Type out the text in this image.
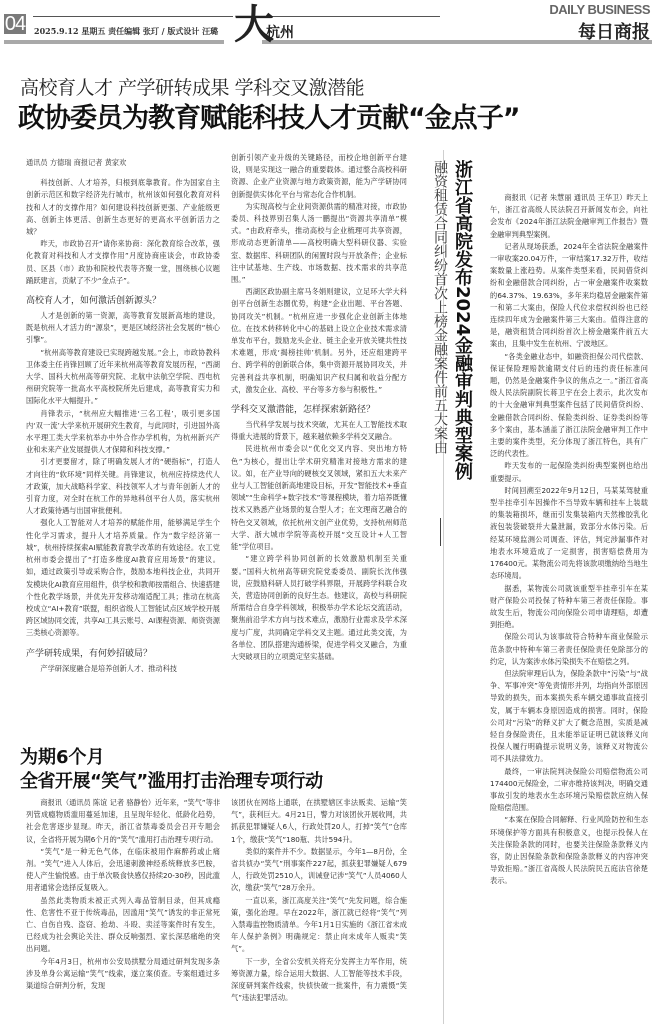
04 2025.9.12 星期五 责任编辑 张玎 / 版式设计 汪璐 大
杭州
DAILY BUSINESS
每日商报
高校育人才 产学研转成果 学科交叉激潜能
政协委员为教育赋能科技人才贡献“金点子”
通讯员 方德瑞 商报记者 黄家欢

科技创新、人才培养，归根到底靠教育。作为国家自主创新示范区和数字经济先行城市，杭州该如何强化教育对科技和人才的支撑作用？如何建设科技创新更强、产业能级更高、创新主体更活、创新生态更好的更高水平创新活力之城？

昨天，市政协召开“请你来协商：深化教育综合改革，强化教育对科技和人才支撑作用”月度协商座谈会，市政协委员、区县（市）政协和院校代表等齐聚一堂，围绕核心议题踊跃建言，贡献了不少“金点子”。

高校育人才，如何激活创新源头？

人才是创新的第一资源，高等教育发展新高地的建设，既是杭州人才活力的“源泉”，更是区域经济社会发展的“核心引擎”。

“杭州高等教育建设已实现跨越发展。”会上，市政协教科卫体委主任肖锋回顾了近年来杭州高等教育发展历程，“西湖大学、国科大杭州高等研究院、北航中法航空学院、西电杭州研究院等一批高水平高校院所先后建成，高等教育实力和国际化水平大幅提升。”

肖锋表示，“杭州应大幅推进‘三名工程’，吸引更多国内‘双一流’大学来杭开展研究生教育，与此同时，引进国外高水平理工类大学来杭举办中外合作办学机构，为杭州新兴产业和未来产业发展提供人才保障和科技支撑。”

引才更要留才，除了明确发展人才的“硬指标”，打造人才向往的“软环境”同样关键。肖锋建议，杭州应持续迭代人才政策，加大战略科学家、科技领军人才与青年创新人才的引育力度，对全时在杭工作的异地科创平台人员，落实杭州人才政策待遇与出国审批便利。

强化人工智能对人才培养的赋能作用，能够满足学生个性化学习需求，提升人才培养质量。作为“数字经济第一城”，杭州持续探索AI赋能教育教学改革的有效途径。农工党杭州市委会提出了“打造多维度AI教育应用场景”的建议。如，通过政策引导或采购合作，鼓励本地科技企业，共同开发模块化AI教育应用组件，供学校和教师按需组合、快速搭建个性化教学场景，并优先开发移动端适配工具；推动在杭高校成立“AI+教育”联盟，组织省级人工智能试点区域学校开展跨区域协同交流，共享AI工具云账号、AI课程资源、师资资源三类核心资源等。

产学研转成果，有何妙招破局？

产学研深度融合是培养创新人才、推动科技

创新引领产业升级的关键路径，而校企地创新平台建设，则是实现这一融合的重要载体。通过整合高校科研资源、企业产业资源与地方政策资源，能为产学研协同创新提供实体化平台与常态化合作机制。

为实现高校与企业间资源供需的精准对接，市政协委员、科技界别召集人汤一鹏提出“资源共享清单”模式。“由政府牵头，推动高校与企业梳理可共享资源，形成动态更新清单——高校明确大型科研仪器、实验室、数据库、科研团队的闲置时段与开放条件；企业标注中试基地、生产线、市场数据、技术需求的共享范围。”

西湖区政协副主席马冬娟则建议，立足环大学大科创平台创新生态圈优势，构建“企业出题、平台答题、协同攻关”机制。“杭州应进一步强化企业创新主体地位。在技术转移转化中心的基础上设立企业技术需求清单发布平台，鼓励龙头企业、链主企业开放关键共性技术难题，形成‘揭榜挂帅’机制。另外，还应组建跨平台、跨学科的创新联合体，集中资源开展协同攻关，并完善利益共享机制，明确知识产权归属和收益分配方式，激发企业、高校、平台等多方参与积极性。”

学科交叉激潜能，怎样探索新路径？

当代科学发展与技术突破，尤其在人工智能技术取得重大进展的背景下，越来越依赖多学科交叉融合。

民进杭州市委会以“优化交叉内容、突出地方特色”为核心，提出让学术研究精准对接地方需求的建议。如，在产业导向的硬核交叉领域，紧扣五大未来产业与人工智能创新高地建设目标，开发“智能技术+垂直领域”“生命科学+数字技术”等课程模块，着力培养既懂技术又熟悉产业场景的复合型人才；在文理商艺融合的特色交叉领域，依托杭州文创产业优势，支持杭州师范大学、浙大城市学院等高校开展“交互设计+人工智能”学位项目。

“建立跨学科协同创新的长效激励机制至关重要。”国科大杭州高等研究院党委委员、副院长沈伟强说，应鼓励科研人员打破学科界限，开展跨学科联合攻关，营造协同创新的良好生态。他建议，高校与科研院所需结合自身学科领域，积极举办学术论坛交流活动，聚焦前沿学术方向与技术难点，激励行业需求及学术深度与广度，共同确定学科交叉主题。通过此类交流，为各单位、团队搭建沟通桥梁，促进学科交叉融合，为重大突破项目的立项奠定坚实基础。

浙江省高院发布2024金融审判典型案例
融资租赁合同纠纷首次上榜金融案件前五大案由	商报讯（记者 朱慧丽 通讯员 王华卫）昨天上午，浙江省高级人民法院召开新闻发布会，向社会发布《2024年浙江法院金融审判工作报告》暨金融审判典型案例。

记者从现场获悉，2024年全省法院金融案件一审收案20.04万件，一审结案17.32万件，收结案数量上涨趋势。从案件类型来看，民间借贷纠纷和金融借款合同纠纷，占一审金融案件收案数的64.37%、19.63%，多年来均稳居金融案件第一和第二大案由，保险人代位求偿权纠纷也已经连续四年成为金融案件第三大案由。值得注意的是，融资租赁合同纠纷首次上榜金融案件前五大案由，且集中发生在杭州、宁波地区。

“各类金融业态中，如融资担保公司代偿款、保证保险理赔款逾期支付后的违约责任标准问题，仍然是金融案件争议的焦点之一。”浙江省高级人民法院副院长蒋卫宇在会上表示，此次发布的十大金融审判典型案件包括了民间借贷纠纷、金融借款合同纠纷、保险类纠纷、证券类纠纷等多个案由，基本涵盖了浙江法院金融审判工作中主要的案件类型，充分体现了浙江特色，具有广泛的代表性。

昨天发布的一起保险类纠纷典型案例也给出重要提示。

时间回溯至2022年9月12日，马某某驾驶重型半挂牵引车因操作不当导致车辆和挂车上装载的集装箱损坏，继而引发集装箱内天然橡胶乳化液包装袋破裂并大量泄漏，致部分水体污染。后经某环境监测公司调查、评估，判定涉漏事件对地表水环境造成了一定损害，损害赔偿费用为176400元。某物流公司先将该款项缴纳给当地生态环境局。

据悉，某物流公司就该重型半挂牵引车在某财产保险公司投保了特种车第三者责任保险。事故发生后，物流公司向保险公司申请理赔，却遭到拒绝。

保险公司认为该事故符合特种车商业保险示范条款中特种车第三者责任保险责任免除部分的约定，认为案涉水体污染损失不在赔偿之列。

但法院审理后认为，保险条款中“污染”与“战争、军事冲突”等免责情形并列，均指向外部原因导致的损失，而本案损失系车辆交通事故直接引发，属于车辆本身原因造成的损害。同时，保险公司对“污染”的释义扩大了概念范围，实质是减轻自身保险责任，且未能举证证明已就该释义向投保人履行明确提示说明义务，该释义对物流公司不具法律效力。

最终，一审法院判决保险公司赔偿物流公司174400元保险金，二审亦维持该判决，明确交通事故引发的地表水生态环境污染赔偿款应纳入保险赔偿范围。

“本案在保险合同解释、行业风险防控和生态环境保护等方面具有积极意义，也提示投保人在关注保险条款的同时，也要关注保险条款释义内容，防止因保险条款和保险条款释义的内容冲突导致拒赔。”浙江省高级人民法院民五庭法官徐楚表示。

为期6个月
全省开展“笑气”滥用打击治理专项行动

商报讯（通讯员 陈谊 记者 骆静怡）近年来，“笑气”等非列管成瘾物质滥用蔓延加速，且呈现年轻化、低龄化趋势，社会危害逐步显现。昨天，浙江省禁毒委员会召开专题会议，全省将开展为期6个月的“笑气”滥用打击治理专项行动。

“笑气”是一种无色气体，在临床被用作麻醉药或止痛剂。“笑气”进入人体后，会迅速刺激神经系统释放多巴胺，使人产生愉悦感。由于单次吸食快感仅持续20-30秒，因此滥用者通常会选择反复吸入。

虽然此类物质未被正式列入毒品管制目录，但其成瘾性、危害性不亚于传统毒品，因滥用“笑气”诱发的非正常死亡、自伤自残、盗窃、抢劫、斗殴、卖淫等案件时有发生，已经成为社会舆论关注、群众反响强烈、家长深恶痛绝的突出问题。

今年4月3日，杭州市公安局拱墅分局通过研判发现多条涉及单身公寓运输“笑气”线索，遂立案侦查。专案组通过多渠道综合研判分析，发现

该团伙在网络上通联，在拱墅辖区非法贩卖、运输“笑气”，获利巨大。4月21日，警力对该团伙开展收网，共抓获犯罪嫌疑人6人，行政处罚20人，打掉“笑气”仓库1个，缴获“笑气”180瓶、共计594升。

类似的案件并不少。数据显示，今年1—8月份，全省共侦办“笑气”刑事案件227起，抓获犯罪嫌疑人679人，行政处罚2510人，训诫登记涉“笑气”人员4060人次，缴获“笑气”28万余升。

一直以来，浙江高度关注“笑气”先发问题，综合施策，强化治理。早在2022年，浙江就已经将“笑气”列入禁毒监控物质清单。今年1月1日实施的《浙江省未成年人保护条例》明确规定：禁止向未成年人贩卖“笑气”。

下一步，全省公安机关将充分发挥主力军作用，统筹资源力量，综合运用大数据、人工智能等技术手段，深度研判案件线索，快侦快破一批案件，有力震慑“笑气”违法犯罪活动。
